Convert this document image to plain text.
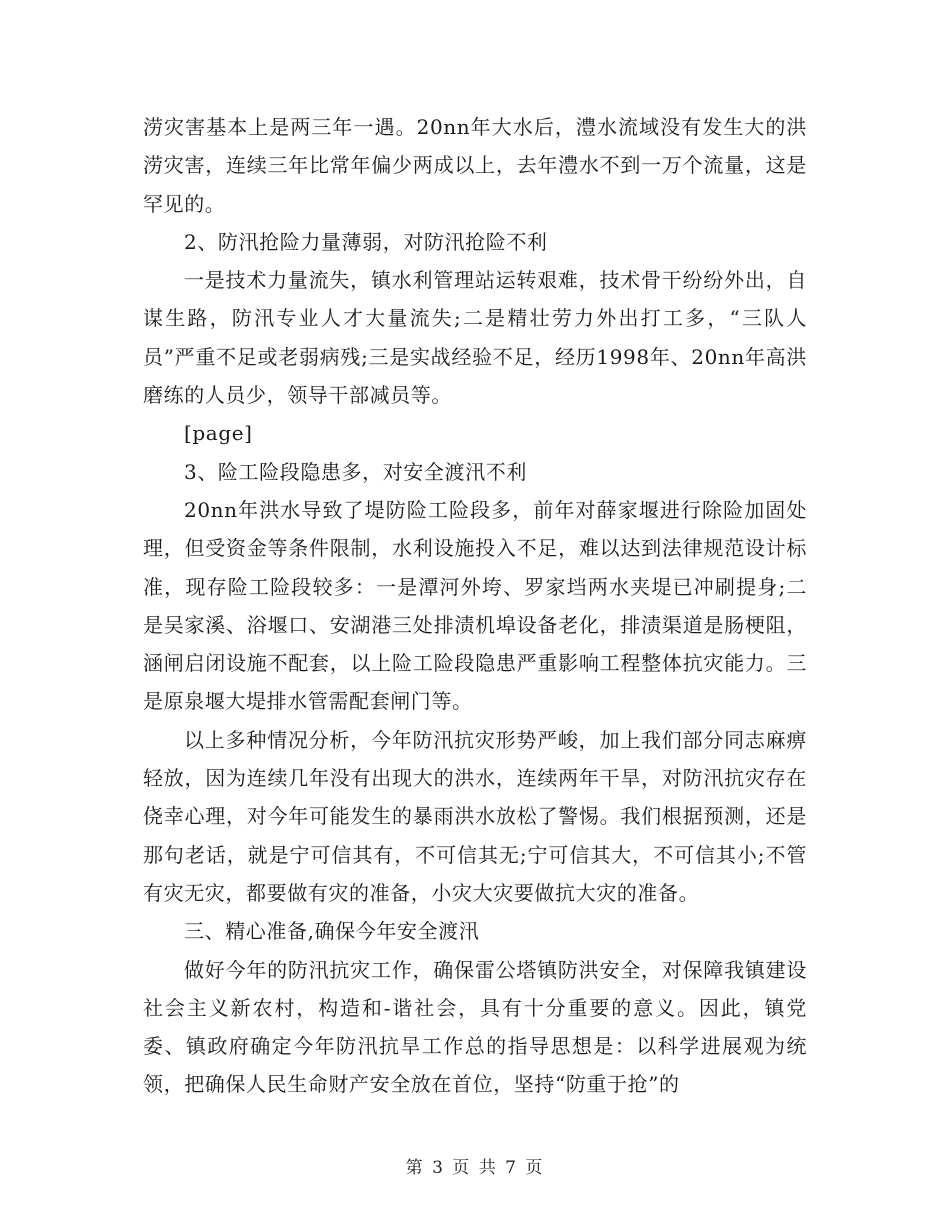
涝灾害基本上是两三年一遇。20nn年大水后，澧水流域没有发生大的洪涝灾害，连续三年比常年偏少两成以上，去年澧水不到一万个流量，这是罕见的。

2、防汛抢险力量薄弱，对防汛抢险不利

一是技术力量流失，镇水利管理站运转艰难，技术骨干纷纷外出，自谋生路，防汛专业人才大量流失;二是精壮劳力外出打工多，“三队人员”严重不足或老弱病残;三是实战经验不足，经历1998年、20nn年高洪磨练的人员少，领导干部减员等。

[page]

3、险工险段隐患多，对安全渡汛不利

20nn年洪水导致了堤防险工险段多，前年对薛家堰进行除险加固处理，但受资金等条件限制，水利设施投入不足，难以达到法律规范设计标准，现存险工险段较多：一是潭河外垮、罗家垱两水夹堤已冲刷提身;二是吴家溪、浴堰口、安湖港三处排渍机埠设备老化，排渍渠道是肠梗阻，涵闸启闭设施不配套，以上险工险段隐患严重影响工程整体抗灾能力。三是原泉堰大堤排水管需配套闸门等。

以上多种情况分析，今年防汛抗灾形势严峻，加上我们部分同志麻痹轻放，因为连续几年没有出现大的洪水，连续两年干旱，对防汛抗灾存在侥幸心理，对今年可能发生的暴雨洪水放松了警惕。我们根据预测，还是那句老话，就是宁可信其有，不可信其无;宁可信其大，不可信其小;不管有灾无灾，都要做有灾的准备，小灾大灾要做抗大灾的准备。

三、精心准备,确保今年安全渡汛

做好今年的防汛抗灾工作，确保雷公塔镇防洪安全，对保障我镇建设社会主义新农村，构造和-谐社会，具有十分重要的意义。因此，镇党委、镇政府确定今年防汛抗旱工作总的指导思想是：以科学进展观为统领，把确保人民生命财产安全放在首位，坚持“防重于抢”的

第 3 页 共 7 页
